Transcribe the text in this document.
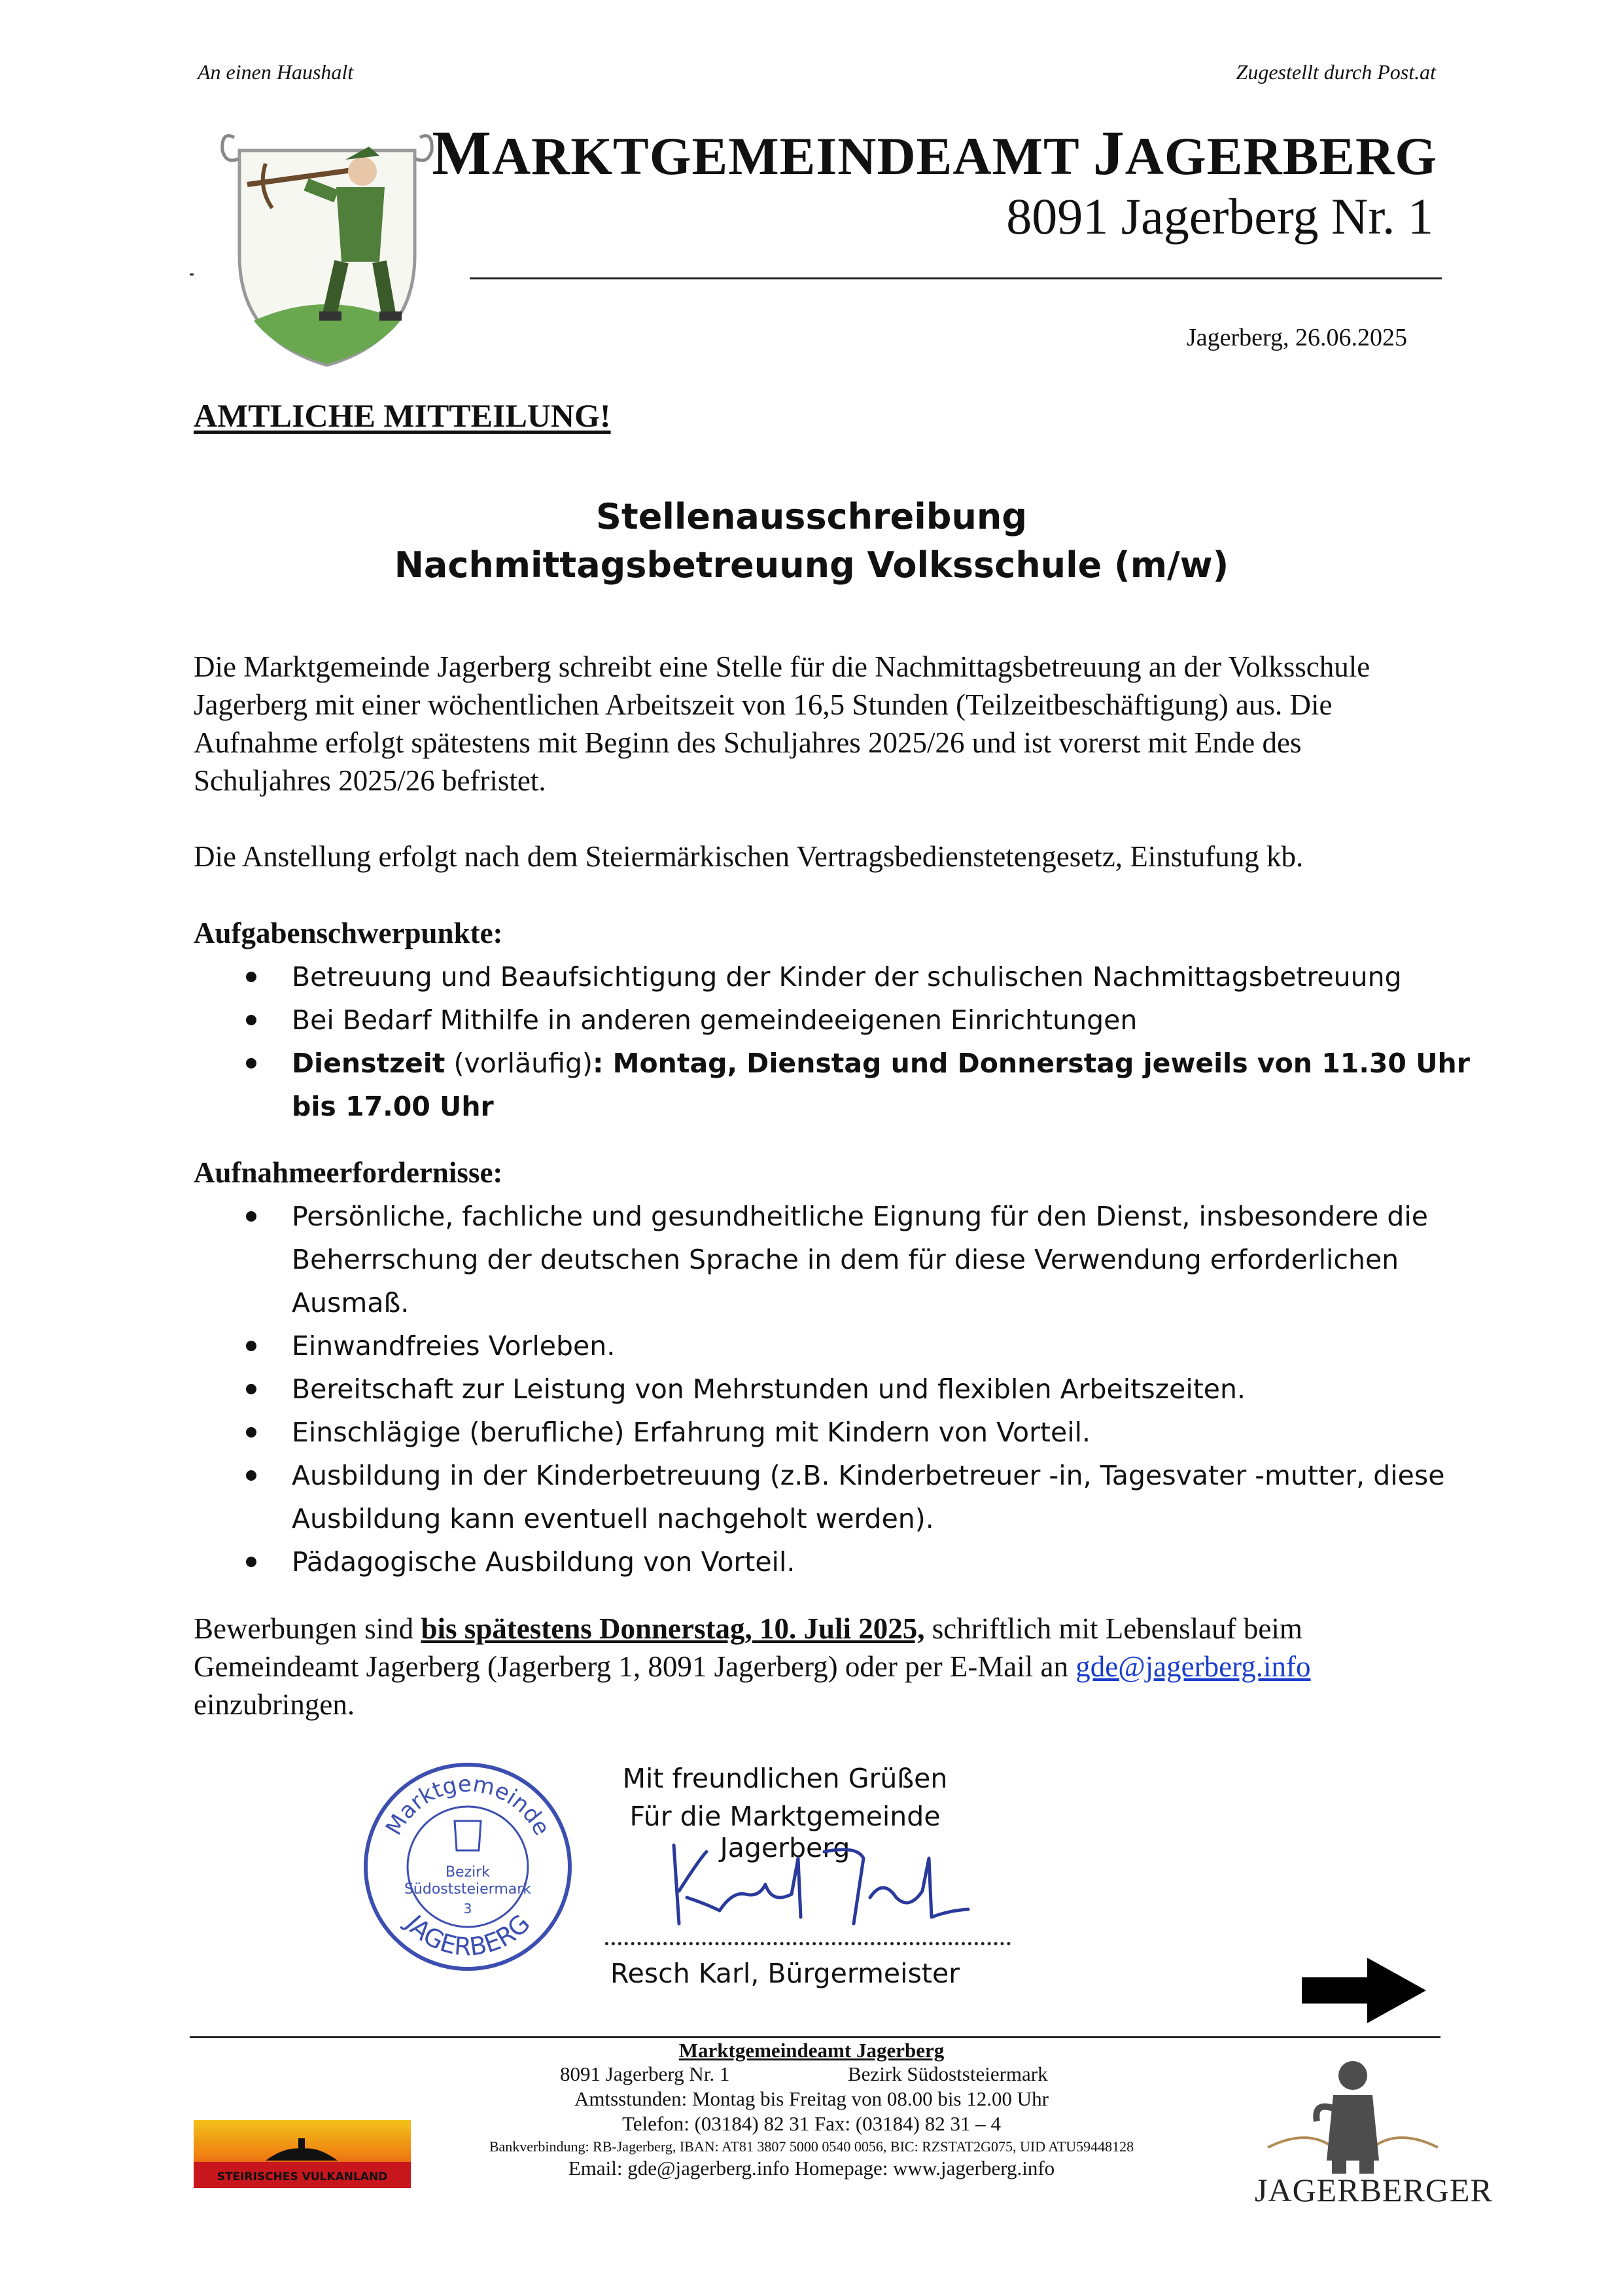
An einen Haushalt	Zugestellt durch Post.at
MARKTGEMEINDEAMT JAGERBERG
8091 Jagerberg Nr. 1
Jagerberg, 26.06.2025
AMTLICHE MITTEILUNG!
Stellenausschreibung
Nachmittagsbetreuung Volksschule (m/w)
Die Marktgemeinde Jagerberg schreibt eine Stelle für die Nachmittagsbetreuung an der Volksschule Jagerberg mit einer wöchentlichen Arbeitszeit von 16,5 Stunden (Teilzeitbeschäftigung) aus. Die Aufnahme erfolgt spätestens mit Beginn des Schuljahres 2025/26 und ist vorerst mit Ende des Schuljahres 2025/26 befristet.
Die Anstellung erfolgt nach dem Steiermärkischen Vertragsbedienstetengesetz, Einstufung kb.
Aufgabenschwerpunkte:
Betreuung und Beaufsichtigung der Kinder der schulischen Nachmittagsbetreuung
Bei Bedarf Mithilfe in anderen gemeindeeigenen Einrichtungen
Dienstzeit (vorläufig): Montag, Dienstag und Donnerstag jeweils von 11.30 Uhr bis 17.00 Uhr
Aufnahmeerfordernisse:
Persönliche, fachliche und gesundheitliche Eignung für den Dienst, insbesondere die Beherrschung der deutschen Sprache in dem für diese Verwendung erforderlichen Ausmaß.
Einwandfreies Vorleben.
Bereitschaft zur Leistung von Mehrstunden und flexiblen Arbeitszeiten.
Einschlägige (berufliche) Erfahrung mit Kindern von Vorteil.
Ausbildung in der Kinderbetreuung (z.B. Kinderbetreuer -in, Tagesvater -mutter, diese Ausbildung kann eventuell nachgeholt werden).
Pädagogische Ausbildung von Vorteil.
Bewerbungen sind bis spätestens Donnerstag, 10. Juli 2025, schriftlich mit Lebenslauf beim Gemeindeamt Jagerberg (Jagerberg 1, 8091 Jagerberg) oder per E-Mail an gde@jagerberg.info einzubringen.
Marktgemeinde
JAGERBERG
Bezirk
Südoststeiermark
3
Mit freundlichen Grüßen
Für die Marktgemeinde Jagerberg
Resch Karl, Bürgermeister
Marktgemeindeamt Jagerberg
8091 Jagerberg Nr. 1	Bezirk Südoststeiermark
Amtsstunden: Montag bis Freitag von 08.00 bis 12.00 Uhr
Telefon: (03184) 82 31 Fax: (03184) 82 31 – 4
Bankverbindung: RB-Jagerberg, IBAN: AT81 3807 5000 0540 0056, BIC: RZSTAT2G075, UID ATU59448128
Email: gde@jagerberg.info Homepage: www.jagerberg.info
STEIRISCHES VULKANLAND	JAGERBERGER
